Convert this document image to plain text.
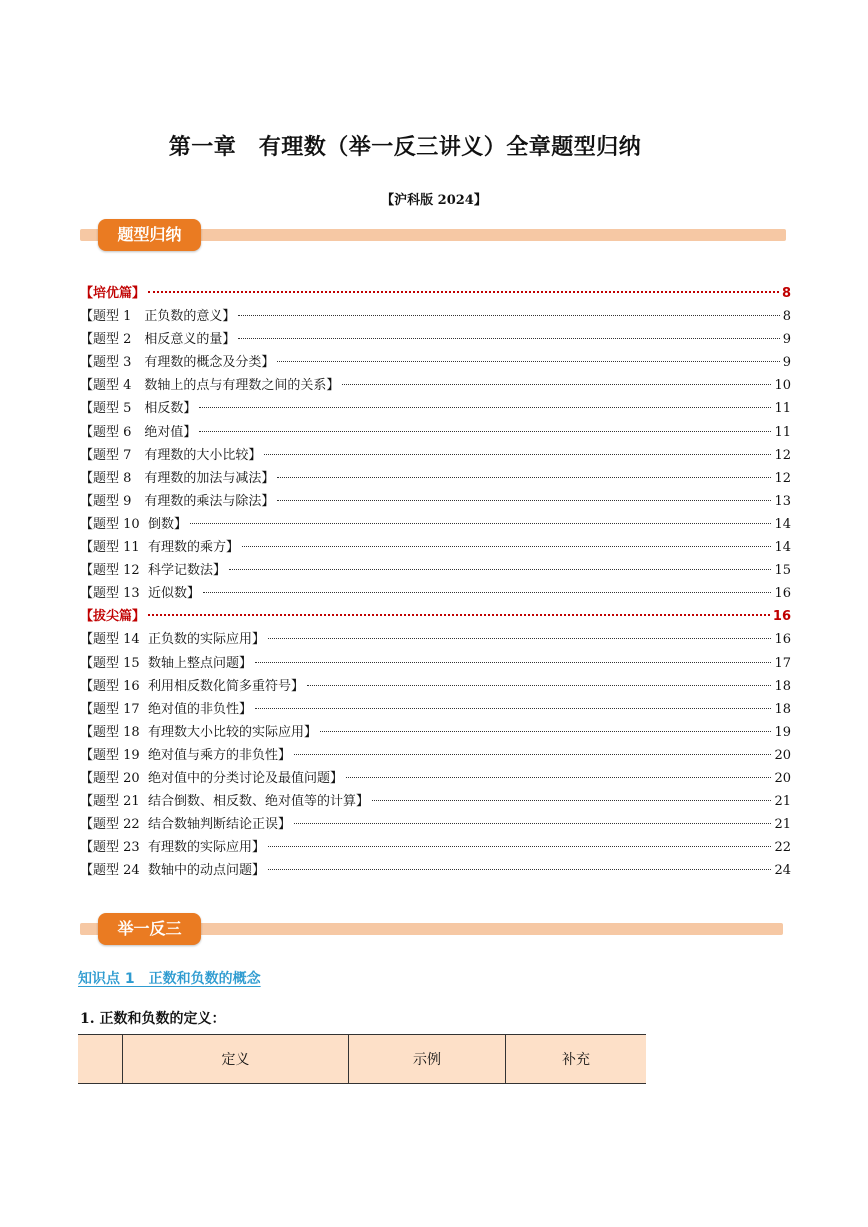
第一章　有理数（举一反三讲义）全章题型归纳
【沪科版 2024】
题型归纳
【培优篇】	8
【题型 1　正负数的意义】	8
【题型 2　相反意义的量】	9
【题型 3　有理数的概念及分类】	9
【题型 4　数轴上的点与有理数之间的关系】	10
【题型 5　相反数】	11
【题型 6　绝对值】	11
【题型 7　有理数的大小比较】	12
【题型 8　有理数的加法与减法】	12
【题型 9　有理数的乘法与除法】	13
【题型 10  倒数】	14
【题型 11  有理数的乘方】	14
【题型 12  科学记数法】	15
【题型 13  近似数】	16
【拔尖篇】	16
【题型 14  正负数的实际应用】	16
【题型 15  数轴上整点问题】	17
【题型 16  利用相反数化简多重符号】	18
【题型 17  绝对值的非负性】	18
【题型 18  有理数大小比较的实际应用】	19
【题型 19  绝对值与乘方的非负性】	20
【题型 20  绝对值中的分类讨论及最值问题】	20
【题型 21  结合倒数、相反数、绝对值等的计算】	21
【题型 22  结合数轴判断结论正误】	21
【题型 23  有理数的实际应用】	22
【题型 24  数轴中的动点问题】	24
举一反三
知识点 1　正数和负数的概念
1. 正数和负数的定义：
	定义	示例	补充
